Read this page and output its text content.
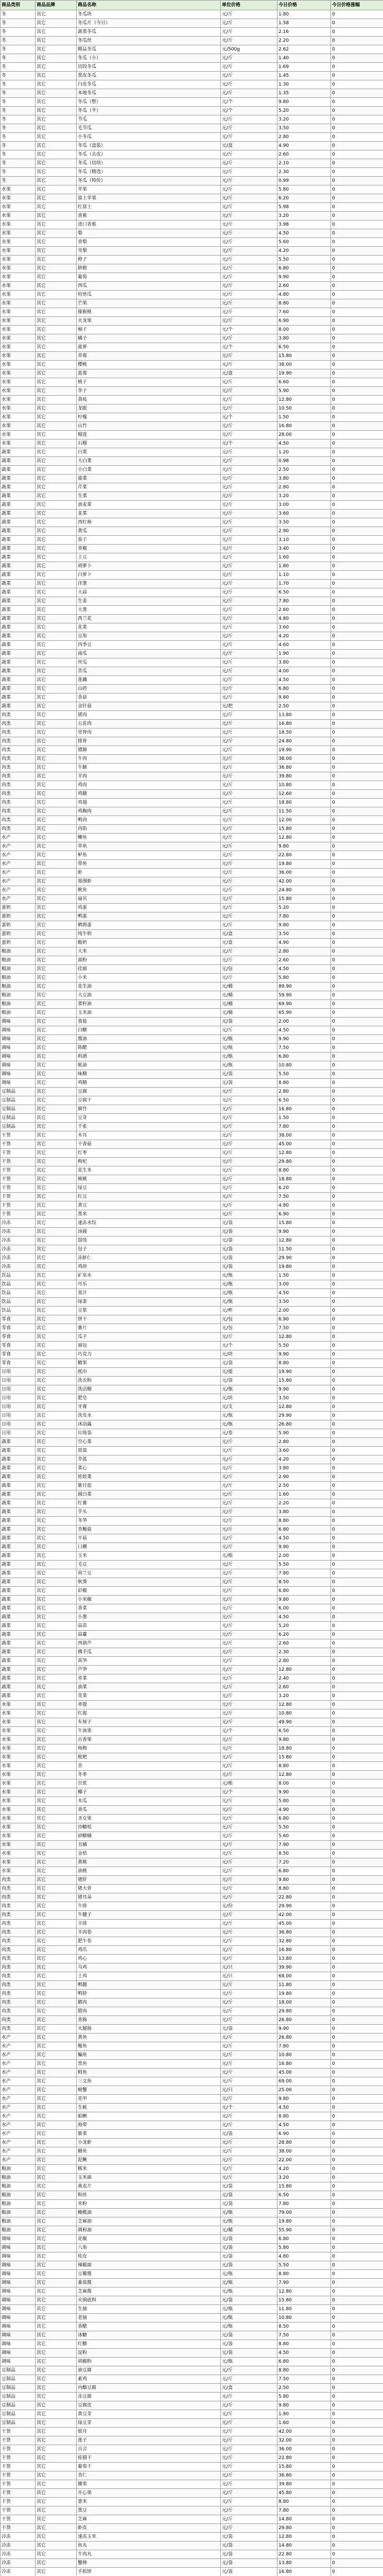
商品类别	商品品牌	商品名称	单位价格	今日价格	今日价格涨幅
冬	其它	冬瓜块	元/斤	1.80	0
冬	其它	冬瓜片（今日）	元/斤	1.58	0
冬	其它	蔬菜冬瓜	元/斤	2.16	0
冬	其它	冬瓜丝	元/斤	2.20	0
冬	其它	精品冬瓜	元/500g	2.62	0
冬	其它	冬瓜（小）	元/斤	1.40	0
冬	其它	切段冬瓜	元/斤	1.69	0
冬	其它	黑皮冬瓜	元/斤	1.45	0
冬	其它	白皮冬瓜	元/斤	1.30	0
冬	其它	本地冬瓜	元/斤	1.35	0
冬	其它	冬瓜（整）	元/个	9.80	0
冬	其它	冬瓜（半）	元/个	5.20	0
冬	其它	节瓜	元/斤	3.20	0
冬	其它	毛节瓜	元/斤	3.50	0
冬	其它	小冬瓜	元/斤	2.80	0
冬	其它	冬瓜（盒装）	元/盒	4.90	0
冬	其它	冬瓜（去皮）	元/斤	2.60	0
冬	其它	冬瓜（切块）	元/斤	2.10	0
冬	其它	冬瓜（精选）	元/斤	2.30	0
冬	其它	冬瓜（特价）	元/斤	0.99	0
水果	其它	苹果	元/斤	5.80	0
水果	其它	富士苹果	元/斤	6.20	0
水果	其它	红富士	元/斤	5.98	0
水果	其它	香蕉	元/斤	3.20	0
水果	其它	进口香蕉	元/斤	3.98	0
水果	其它	梨	元/斤	4.50	0
水果	其它	香梨	元/斤	5.60	0
水果	其它	雪梨	元/斤	4.20	0
水果	其它	橙子	元/斤	5.50	0
水果	其它	脐橙	元/斤	6.80	0
水果	其它	葡萄	元/斤	9.90	0
水果	其它	西瓜	元/斤	2.60	0
水果	其它	哈密瓜	元/斤	4.80	0
水果	其它	芒果	元/斤	8.80	0
水果	其它	猕猴桃	元/斤	7.60	0
水果	其它	火龙果	元/斤	6.90	0
水果	其它	柚子	元/个	8.00	0
水果	其它	橘子	元/斤	3.80	0
水果	其它	菠萝	元/个	6.50	0
水果	其它	草莓	元/斤	15.80	0
水果	其它	樱桃	元/斤	38.00	0
水果	其它	蓝莓	元/盒	19.90	0
水果	其它	桃子	元/斤	6.60	0
水果	其它	李子	元/斤	5.90	0
水果	其它	荔枝	元/斤	12.80	0
水果	其它	龙眼	元/斤	10.50	0
水果	其它	柠檬	元/个	1.50	0
水果	其它	山竹	元/斤	16.80	0
水果	其它	榴莲	元/斤	28.00	0
水果	其它	石榴	元/个	4.50	0
蔬菜	其它	白菜	元/斤	1.20	0
蔬菜	其它	大白菜	元/斤	0.98	0
蔬菜	其它	小白菜	元/斤	2.50	0
蔬菜	其它	菠菜	元/斤	3.80	0
蔬菜	其它	芹菜	元/斤	2.80	0
蔬菜	其它	生菜	元/斤	3.20	0
蔬菜	其它	油麦菜	元/斤	3.00	0
蔬菜	其它	韭菜	元/斤	3.60	0
蔬菜	其它	西红柿	元/斤	3.50	0
蔬菜	其它	黄瓜	元/斤	2.90	0
蔬菜	其它	茄子	元/斤	3.10	0
蔬菜	其它	青椒	元/斤	3.40	0
蔬菜	其它	土豆	元/斤	1.60	0
蔬菜	其它	胡萝卜	元/斤	1.80	0
蔬菜	其它	白萝卜	元/斤	1.10	0
蔬菜	其它	洋葱	元/斤	1.70	0
蔬菜	其它	大蒜	元/斤	6.50	0
蔬菜	其它	生姜	元/斤	7.80	0
蔬菜	其它	大葱	元/斤	2.60	0
蔬菜	其它	西兰花	元/斤	4.80	0
蔬菜	其它	花菜	元/斤	3.60	0
蔬菜	其它	豆角	元/斤	4.20	0
蔬菜	其它	四季豆	元/斤	4.60	0
蔬菜	其它	南瓜	元/斤	1.90	0
蔬菜	其它	丝瓜	元/斤	3.80	0
蔬菜	其它	苦瓜	元/斤	4.00	0
蔬菜	其它	莲藕	元/斤	4.50	0
蔬菜	其它	山药	元/斤	6.80	0
蔬菜	其它	香菇	元/斤	9.80	0
蔬菜	其它	金针菇	元/把	2.50	0
肉类	其它	猪肉	元/斤	13.80	0
肉类	其它	五花肉	元/斤	16.80	0
肉类	其它	里脊肉	元/斤	18.50	0
肉类	其它	排骨	元/斤	24.80	0
肉类	其它	猪蹄	元/斤	19.90	0
肉类	其它	牛肉	元/斤	38.00	0
肉类	其它	牛腩	元/斤	36.80	0
肉类	其它	羊肉	元/斤	39.80	0
肉类	其它	鸡肉	元/斤	10.80	0
肉类	其它	鸡腿	元/斤	12.60	0
肉类	其它	鸡翅	元/斤	18.80	0
肉类	其它	鸡胸肉	元/斤	11.50	0
肉类	其它	鸭肉	元/斤	12.00	0
肉类	其它	肉馅	元/斤	15.80	0
水产	其它	鲫鱼	元/斤	12.80	0
水产	其它	草鱼	元/斤	9.80	0
水产	其它	鲈鱼	元/斤	22.80	0
水产	其它	带鱼	元/斤	19.80	0
水产	其它	虾	元/斤	36.00	0
水产	其它	基围虾	元/斤	42.00	0
水产	其它	鱿鱼	元/斤	24.80	0
水产	其它	扇贝	元/斤	15.80	0
蛋奶	其它	鸡蛋	元/斤	5.20	0
蛋奶	其它	鸭蛋	元/斤	7.80	0
蛋奶	其它	鹌鹑蛋	元/斤	9.80	0
蛋奶	其它	纯牛奶	元/盒	3.50	0
蛋奶	其它	酸奶	元/盒	4.90	0
粮油	其它	大米	元/斤	2.80	0
粮油	其它	面粉	元/斤	2.60	0
粮油	其它	挂面	元/包	4.50	0
粮油	其它	小米	元/斤	5.80	0
粮油	其它	花生油	元/桶	89.90	0
粮油	其它	大豆油	元/桶	59.90	0
粮油	其它	菜籽油	元/桶	69.90	0
粮油	其它	玉米油	元/桶	65.90	0
调味	其它	食盐	元/袋	2.00	0
调味	其它	白糖	元/斤	4.50	0
调味	其它	酱油	元/瓶	9.90	0
调味	其它	陈醋	元/瓶	7.50	0
调味	其它	料酒	元/瓶	6.80	0
调味	其它	蚝油	元/瓶	10.80	0
调味	其它	味精	元/袋	5.50	0
调味	其它	鸡精	元/袋	8.80	0
豆制品	其它	豆腐	元/斤	2.80	0
豆制品	其它	豆腐干	元/斤	6.50	0
豆制品	其它	腐竹	元/斤	16.80	0
豆制品	其它	豆芽	元/斤	1.50	0
豆制品	其它	千张	元/斤	7.80	0
干货	其它	木耳	元/斤	38.00	0
干货	其它	干香菇	元/斤	45.00	0
干货	其它	红枣	元/斤	12.80	0
干货	其它	枸杞	元/斤	29.80	0
干货	其它	花生米	元/斤	8.80	0
干货	其它	核桃	元/斤	18.80	0
干货	其它	绿豆	元/斤	6.20	0
干货	其它	红豆	元/斤	7.50	0
干货	其它	黄豆	元/斤	4.80	0
干货	其它	黑米	元/斤	6.90	0
冷冻	其它	速冻水饺	元/袋	15.80	0
冷冻	其它	汤圆	元/袋	9.90	0
冷冻	其它	馄饨	元/袋	12.80	0
冷冻	其它	包子	元/袋	11.50	0
冷冻	其它	冻虾仁	元/袋	29.90	0
冷冻	其它	鸡块	元/袋	19.80	0
饮品	其它	矿泉水	元/瓶	1.50	0
饮品	其它	可乐	元/瓶	3.00	0
饮品	其它	果汁	元/瓶	4.50	0
饮品	其它	绿茶	元/瓶	3.50	0
饮品	其它	豆浆	元/杯	2.00	0
零食	其它	饼干	元/包	6.90	0
零食	其它	薯片	元/包	7.50	0
零食	其它	瓜子	元/斤	12.80	0
零食	其它	面包	元/个	5.50	0
零食	其它	巧克力	元/块	9.90	0
零食	其它	糖果	元/袋	8.80	0
日用	其它	纸巾	元/提	19.90	0
日用	其它	洗衣粉	元/袋	15.80	0
日用	其它	洗洁精	元/瓶	9.90	0
日用	其它	肥皂	元/块	3.50	0
日用	其它	牙膏	元/支	12.80	0
日用	其它	洗发水	元/瓶	29.90	0
日用	其它	沐浴露	元/瓶	26.80	0
日用	其它	垃圾袋	元/卷	5.90	0
蔬菜	其它	空心菜	元/斤	2.80	0
蔬菜	其它	茼蒿	元/斤	3.60	0
蔬菜	其它	芥蓝	元/斤	4.20	0
蔬菜	其它	菜心	元/斤	3.80	0
蔬菜	其它	娃娃菜	元/斤	2.90	0
蔬菜	其它	紫甘蓝	元/斤	2.50	0
蔬菜	其它	圆白菜	元/斤	1.60	0
蔬菜	其它	红薯	元/斤	2.20	0
蔬菜	其它	芋头	元/斤	3.80	0
蔬菜	其它	冬笋	元/斤	8.80	0
蔬菜	其它	杏鲍菇	元/斤	6.80	0
蔬菜	其它	平菇	元/斤	4.50	0
蔬菜	其它	口蘑	元/斤	9.90	0
蔬菜	其它	玉米	元/根	2.00	0
蔬菜	其它	毛豆	元/斤	5.50	0
蔬菜	其它	荷兰豆	元/斤	7.80	0
蔬菜	其它	秋葵	元/斤	8.50	0
蔬菜	其它	彩椒	元/斤	6.80	0
蔬菜	其它	小米椒	元/斤	9.80	0
蔬菜	其它	香菜	元/斤	6.00	0
蔬菜	其它	小葱	元/斤	4.50	0
蔬菜	其它	蒜苗	元/斤	5.20	0
蔬菜	其它	蒜薹	元/斤	6.20	0
蔬菜	其它	西葫芦	元/斤	2.60	0
蔬菜	其它	佛手瓜	元/斤	2.30	0
蔬菜	其它	莴笋	元/斤	2.80	0
蔬菜	其它	芦笋	元/斤	12.80	0
蔬菜	其它	青菜	元/斤	2.40	0
蔬菜	其它	油菜	元/斤	2.60	0
蔬菜	其它	苋菜	元/斤	3.20	0
水果	其它	青提	元/斤	12.80	0
水果	其它	红提	元/斤	10.80	0
水果	其它	车厘子	元/斤	49.90	0
水果	其它	牛油果	元/个	6.50	0
水果	其它	百香果	元/斤	9.80	0
水果	其它	杨梅	元/斤	18.80	0
水果	其它	枇杷	元/斤	15.80	0
水果	其它	杏	元/斤	8.80	0
水果	其它	冬枣	元/斤	12.80	0
水果	其它	甘蔗	元/根	8.00	0
水果	其它	椰子	元/个	9.90	0
水果	其它	木瓜	元/斤	5.80	0
水果	其它	香瓜	元/斤	4.90	0
水果	其它	圣女果	元/斤	6.80	0
水果	其它	沙糖桔	元/斤	5.50	0
水果	其它	砂糖橘	元/斤	5.60	0
水果	其它	丑橘	元/斤	7.90	0
水果	其它	金桔	元/斤	8.50	0
水果	其它	黄桃	元/斤	7.20	0
水果	其它	油桃	元/斤	6.80	0
肉类	其它	猪肝	元/斤	9.80	0
肉类	其它	猪大骨	元/斤	8.80	0
肉类	其它	猪耳朵	元/斤	22.80	0
肉类	其它	牛排	元/份	29.90	0
肉类	其它	牛腱子	元/斤	42.00	0
肉类	其它	羊排	元/斤	45.00	0
肉类	其它	羊肉卷	元/斤	36.80	0
肉类	其它	肥牛卷	元/斤	32.80	0
肉类	其它	鸡爪	元/斤	16.80	0
肉类	其它	鸡心	元/斤	13.80	0
肉类	其它	乌鸡	元/只	39.90	0
肉类	其它	土鸡	元/只	68.00	0
肉类	其它	鸭腿	元/斤	11.80	0
肉类	其它	鸭脖	元/斤	19.80	0
肉类	其它	鹅肉	元/斤	18.00	0
肉类	其它	腊肉	元/斤	29.80	0
肉类	其它	香肠	元/斤	26.80	0
肉类	其它	火腿肠	元/袋	9.90	0
水产	其它	黄鱼	元/斤	26.80	0
水产	其它	鲢鱼	元/斤	7.80	0
水产	其它	鳊鱼	元/斤	10.80	0
水产	其它	黑鱼	元/斤	16.80	0
水产	其它	鳕鱼	元/斤	45.00	0
水产	其它	三文鱼	元/斤	69.00	0
水产	其它	螃蟹	元/只	25.00	0
水产	其它	花甲	元/斤	9.80	0
水产	其它	生蚝	元/个	4.50	0
水产	其它	蛤蜊	元/斤	8.80	0
水产	其它	海带	元/斤	4.50	0
水产	其它	紫菜	元/袋	6.90	0
水产	其它	小龙虾	元/斤	28.80	0
水产	其它	鳝鱼	元/斤	38.00	0
水产	其它	泥鳅	元/斤	22.00	0
粮油	其它	糯米	元/斤	4.20	0
粮油	其它	玉米面	元/斤	3.20	0
粮油	其它	燕麦片	元/袋	15.80	0
粮油	其它	粉丝	元/袋	6.50	0
粮油	其它	米粉	元/袋	7.80	0
粮油	其它	橄榄油	元/瓶	79.00	0
粮油	其它	芝麻油	元/瓶	19.80	0
粮油	其它	调和油	元/桶	55.90	0
调味	其它	花椒	元/袋	6.80	0
调味	其它	八角	元/袋	5.80	0
调味	其它	桂皮	元/袋	4.80	0
调味	其它	辣椒面	元/袋	5.50	0
调味	其它	豆瓣酱	元/瓶	8.80	0
调味	其它	番茄酱	元/瓶	7.90	0
调味	其它	芝麻酱	元/瓶	12.80	0
调味	其它	火锅底料	元/袋	15.80	0
调味	其它	生抽	元/瓶	11.80	0
调味	其它	老抽	元/瓶	10.80	0
调味	其它	香醋	元/瓶	8.50	0
调味	其它	冰糖	元/袋	7.50	0
调味	其它	红糖	元/袋	8.80	0
调味	其它	淀粉	元/袋	4.50	0
调味	其它	胡椒粉	元/瓶	6.80	0
豆制品	其它	油豆腐	元/斤	8.80	0
豆制品	其它	素鸡	元/斤	7.50	0
豆制品	其它	内酯豆腐	元/盒	2.50	0
豆制品	其它	冻豆腐	元/斤	5.80	0
豆制品	其它	豆腐皮	元/斤	9.80	0
豆制品	其它	黄豆芽	元/斤	1.80	0
豆制品	其它	绿豆芽	元/斤	1.60	0
干货	其它	银耳	元/斤	42.00	0
干货	其它	莲子	元/斤	32.00	0
干货	其它	百合	元/斤	36.00	0
干货	其它	桂圆干	元/斤	22.80	0
干货	其它	葡萄干	元/斤	15.80	0
干货	其它	杏仁	元/斤	36.80	0
干货	其它	腰果	元/斤	39.80	0
干货	其它	开心果	元/斤	45.80	0
干货	其它	薏米	元/斤	8.80	0
干货	其它	黑豆	元/斤	7.80	0
干货	其它	芝麻	元/斤	14.80	0
干货	其它	虾皮	元/斤	29.80	0
冷冻	其它	速冻玉米	元/袋	12.80	0
冷冻	其它	鱼丸	元/袋	14.80	0
冷冻	其它	牛肉丸	元/袋	22.80	0
冷冻	其它	蟹棒	元/袋	13.80	0
冷冻	其它	手抓饼	元/袋	16.80	0
